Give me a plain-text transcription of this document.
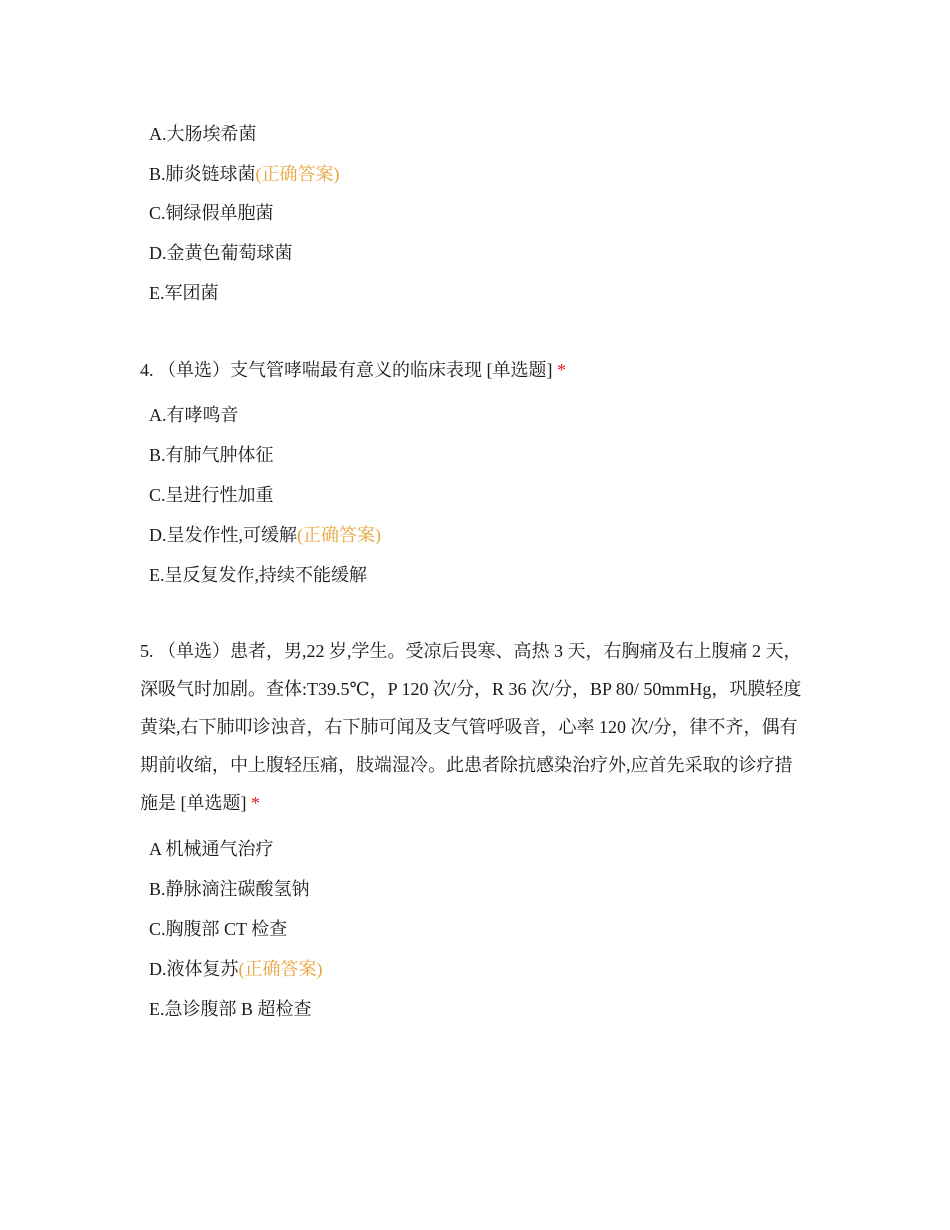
A.大肠埃希菌
B.肺炎链球菌(正确答案)
C.铜绿假单胞菌
D.金黄色葡萄球菌
E.军团菌
4. （单选）支气管哮喘最有意义的临床表现 [单选题] *
A.有哮鸣音
B.有肺气肿体征
C.呈进行性加重
D.呈发作性,可缓解(正确答案)
E.呈反复发作,持续不能缓解
5. （单选）患者，男,22 岁,学生。受凉后畏寒、高热 3 天，右胸痛及右上腹痛 2 天，深吸气时加剧。查体:T39.5℃，P 120 次/分，R 36 次/分，BP 80/ 50mmHg，巩膜轻度黄染,右下肺叩诊浊音，右下肺可闻及支气管呼吸音，心率 120 次/分，律不齐，偶有期前收缩，中上腹轻压痛，肢端湿冷。此患者除抗感染治疗外,应首先采取的诊疗措施是 [单选题] *
A 机械通气治疗
B.静脉滴注碳酸氢钠
C.胸腹部 CT 检查
D.液体复苏(正确答案)
E.急诊腹部 B 超检查
